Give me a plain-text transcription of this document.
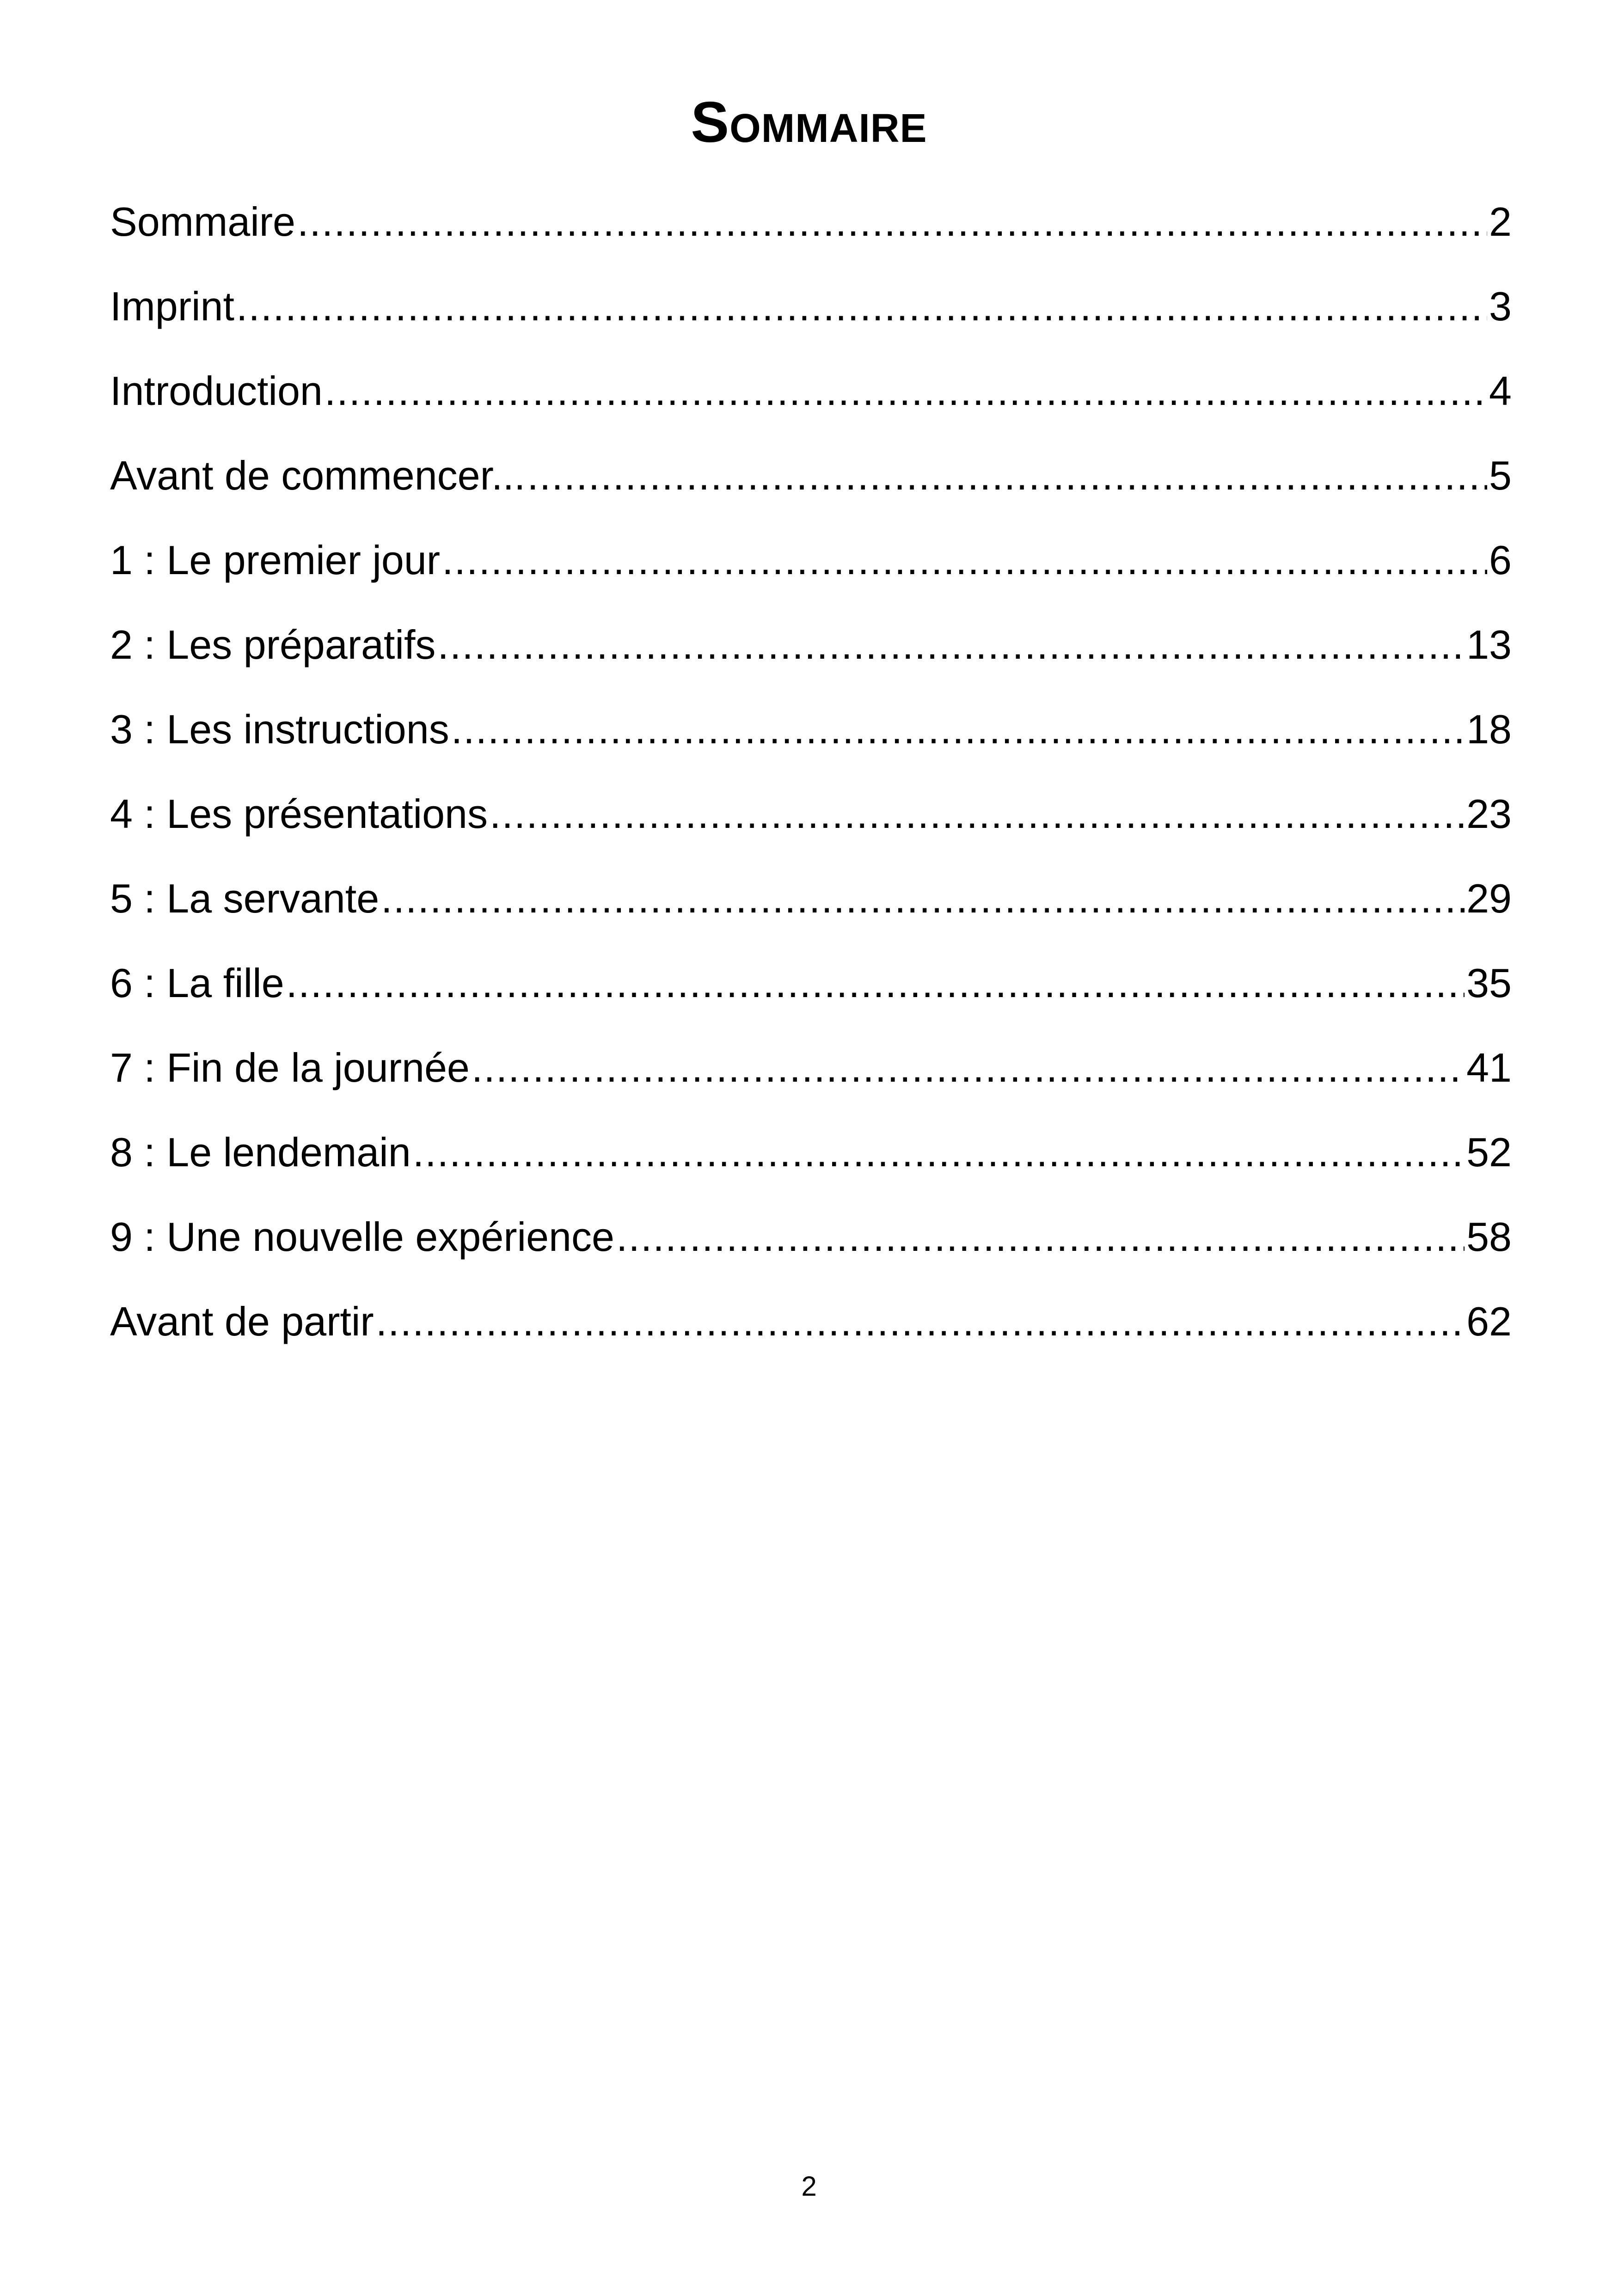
Sommaire
Sommaire .....	2
Imprint .....	3
Introduction .....	4
Avant de commencer... .....	5
1 : Le premier jour .....	6
2 : Les préparatifs .....	13
3 : Les instructions .....	18
4 : Les présentations .....	23
5 : La servante .....	29
6 : La fille .....	35
7 : Fin de la journée .....	41
8 : Le lendemain .....	52
9 : Une nouvelle expérience .....	58
Avant de partir .....	62
2
